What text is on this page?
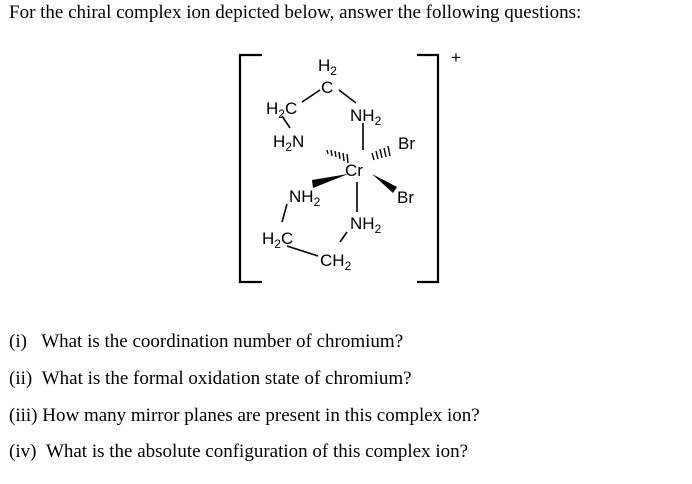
For the chiral complex ion depicted below, answer the following questions:
+
$H_2$
C
$H_2C$	$NH_2$
$H_2N$
Cr
Br
Br
$NH_2$
$NH_2$
$H_2C$
$CH_2$
(i) What is the coordination number of chromium?
(ii) What is the formal oxidation state of chromium?
(iii) How many mirror planes are present in this complex ion?
(iv) What is the absolute configuration of this complex ion?
